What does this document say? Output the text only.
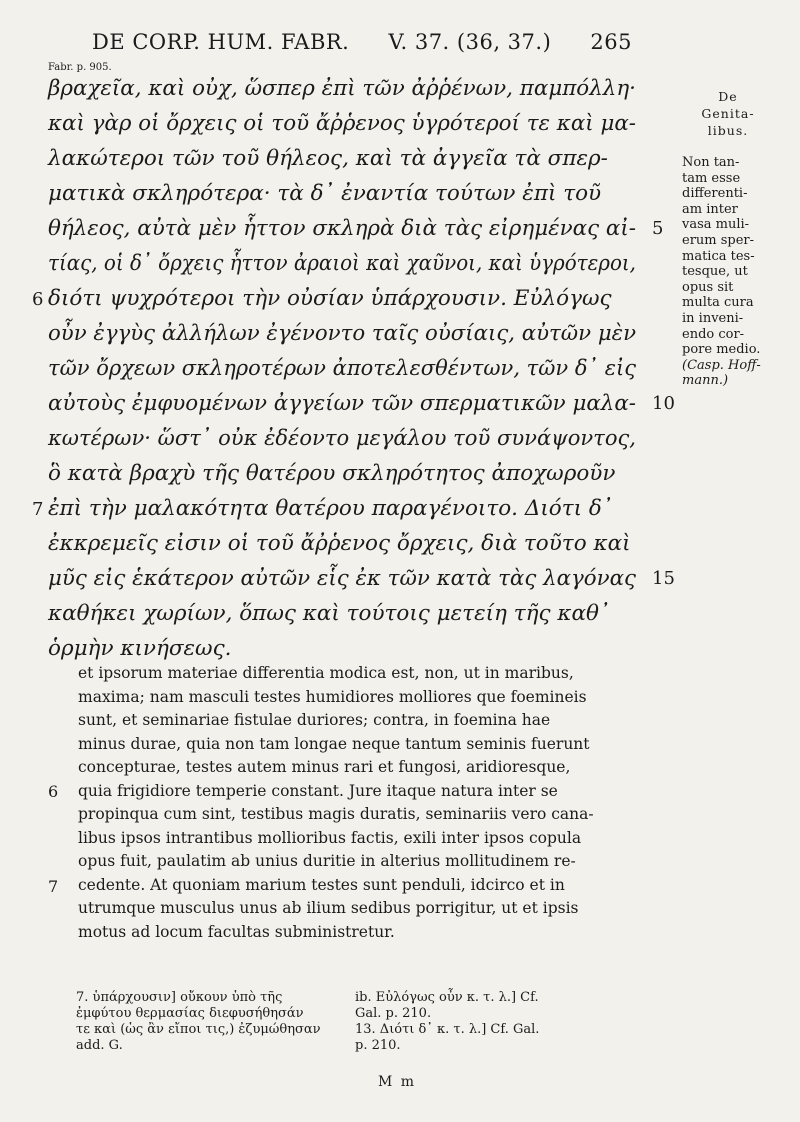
DE CORP. HUM. FABR. V. 37. (36, 37.) 265
Fabr. p. 905.
βραχεῖα, καὶ οὐχ, ὥσπερ ἐπὶ τῶν ἀῤῥένων, παμπόλλη·
καὶ γὰρ οἱ ὄρχεις οἱ τοῦ ἄῤῥενος ὑγρότεροί τε καὶ μα-
λακώτεροι τῶν τοῦ θήλεος, καὶ τὰ ἀγγεῖα τὰ σπερ-
ματικὰ σκληρότερα· τὰ δ᾽ ἐναντία τούτων ἐπὶ τοῦ
θήλεος, αὐτὰ μὲν ἧττον σκληρὰ διὰ τὰς εἰρημένας αἰ- 5
τίας, οἱ δ᾽ ὄρχεις ἧττον ἀραιοὶ καὶ χαῦνοι, καὶ ὑγρότεροι,
διότι ψυχρότεροι τὴν οὐσίαν ὑπάρχουσιν. Εὐλόγως
6
οὖν ἐγγὺς ἀλλήλων ἐγένοντο ταῖς οὐσίαις, αὐτῶν μὲν
τῶν ὄρχεων σκληροτέρων ἀποτελεσθέντων, τῶν δ᾽ εἰς
αὐτοὺς ἐμφυομένων ἀγγείων τῶν σπερματικῶν μαλα- 10
κωτέρων· ὥστ᾽ οὐκ ἐδέοντο μεγάλου τοῦ συνάψοντος,
ὃ κατὰ βραχὺ τῆς θατέρου σκληρότητος ἀποχωροῦν
ἐπὶ τὴν μαλακότητα θατέρου παραγένοιτο. Διότι δ᾽
7
ἐκκρεμεῖς εἰσιν οἱ τοῦ ἄῤῥενος ὄρχεις, διὰ τοῦτο καὶ
μῦς εἰς ἑκάτερον αὐτῶν εἷς ἐκ τῶν κατὰ τὰς λαγόνας 15
καθήκει χωρίων, ὅπως καὶ τούτοις μετείη τῆς καθ᾽
ὁρμὴν κινήσεως.
De
Genita-
libus.
Non tan-
tam esse
differenti-
am inter
vasa muli-
erum sper-
matica tes-
tesque, ut
opus sit
multa cura
in inveni-
endo cor-
pore medio.
(Casp. Hoff-
mann.)
et ipsorum materiae differentia modica est, non, ut in maribus,
maxima; nam masculi testes humidiores molliores que foemineis
sunt, et seminariae fistulae duriores; contra, in foemina hae
minus durae, quia non tam longae neque tantum seminis fuerunt
concepturae, testes autem minus rari et fungosi, aridioresque,
quia frigidiore temperie constant. Jure itaque natura inter se
6
propinqua cum sint, testibus magis duratis, seminariis vero cana-
libus ipsos intrantibus mollioribus factis, exili inter ipsos copula
opus fuit, paulatim ab unius duritie in alterius mollitudinem re-
cedente. At quoniam marium testes sunt penduli, idcirco et in
7
utrumque musculus unus ab ilium sedibus porrigitur, ut et ipsis
motus ad locum facultas subministretur.
7. ὑπάρχουσιν] οὔκουν ὑπὸ τῆς
ἐμφύτου θερμασίας διεφυσήθησάν
τε καὶ (ὡς ἂν εἴποι τις,) ἐζυμώθησαν
add. G.
ib. Εὐλόγως οὖν κ. τ. λ.] Cf.
Gal. p. 210.
13. Διότι δ᾽ κ. τ. λ.] Cf. Gal.
p. 210.
M m
